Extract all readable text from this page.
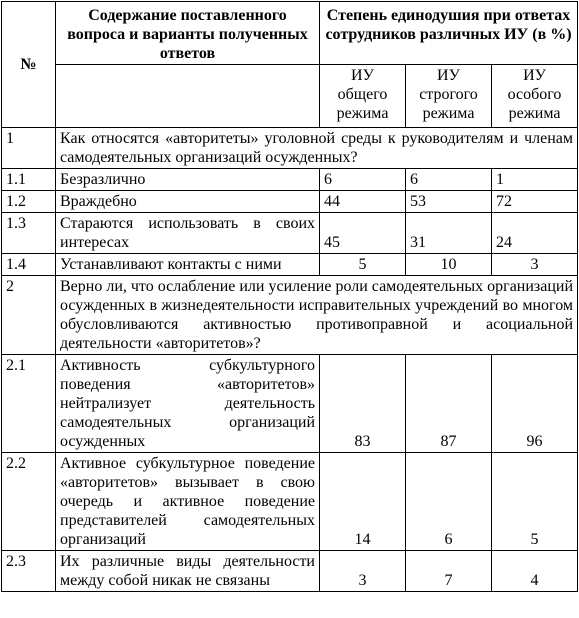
№	Содержание поставленного вопроса и варианты полученных ответов	Степень единодушия при ответах сотрудников различных ИУ (в %)		
		ИУ
общего
режима	ИУ
строгого
режима	ИУ
особого
режима
1	Как относятся «авторитеты» уголовной среды к руководителям и членам самодеятельных организаций осужденных?			
1.1	Безразлично	6	6	1
1.2	Враждебно	44	53	72
1.3	Стараются использовать в своих интересах	45	31	24
1.4	Устанавливают контакты с ними	5	10	3
2	Верно ли, что ослабление или усиление роли самодеятельных организаций осужденных в жизнедеятельности исправительных учреждений во многом обусловливаются активностью противоправной и асоциальной деятельности «авторитетов»?			
2.1	Активность субкультурного поведения «авторитетов» нейтрализует деятельность самодеятельных организаций осужденных	83	87	96
2.2	Активное субкультурное поведение «авторитетов» вызывает в свою очередь и активное поведение представителей самодеятельных организаций	14	6	5
2.3	Их различные виды деятельности между собой никак не связаны	3	7	4
